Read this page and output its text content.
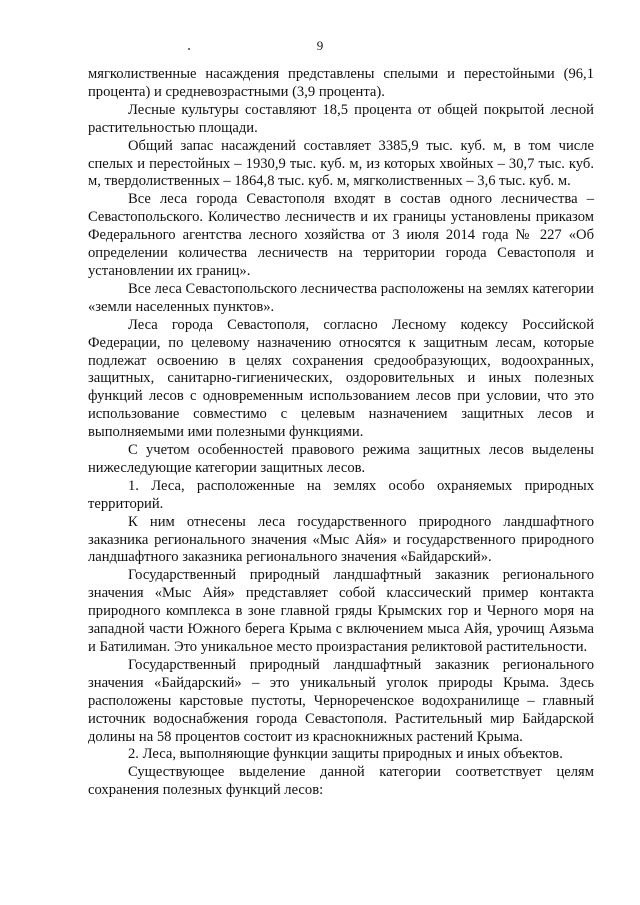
9

мягколиственные насаждения представлены спелыми и перестойными (96,1 процента) и средневозрастными (3,9 процента).

Лесные культуры составляют 18,5 процента от общей покрытой лесной растительностью площади.

Общий запас насаждений составляет 3385,9 тыс. куб. м, в том числе спелых и перестойных – 1930,9 тыс. куб. м, из которых хвойных – 30,7 тыс. куб. м, твердолиственных – 1864,8 тыс. куб. м, мягколиственных – 3,6 тыс. куб. м.

Все леса города Севастополя входят в состав одного лесничества – Севастопольского. Количество лесничеств и их границы установлены приказом Федерального агентства лесного хозяйства от 3 июля 2014 года № 227 «Об определении количества лесничеств на территории города Севастополя и установлении их границ».

Все леса Севастопольского лесничества расположены на землях категории «земли населенных пунктов».

Леса города Севастополя, согласно Лесному кодексу Российской Федерации, по целевому назначению относятся к защитным лесам, которые подлежат освоению в целях сохранения средообразующих, водоохранных, защитных, санитарно-гигиенических, оздоровительных и иных полезных функций лесов с одновременным использованием лесов при условии, что это использование совместимо с целевым назначением защитных лесов и выполняемыми ими полезными функциями.

С учетом особенностей правового режима защитных лесов выделены нижеследующие категории защитных лесов.

1. Леса, расположенные на землях особо охраняемых природных территорий.

К ним отнесены леса государственного природного ландшафтного заказника регионального значения «Мыс Айя» и государственного природного ландшафтного заказника регионального значения «Байдарский».

Государственный природный ландшафтный заказник регионального значения «Мыс Айя» представляет собой классический пример контакта природного комплекса в зоне главной гряды Крымских гор и Черного моря на западной части Южного берега Крыма с включением мыса Айя, урочищ Аязьма и Батилиман. Это уникальное место произрастания реликтовой растительности.

Государственный природный ландшафтный заказник регионального значения «Байдарский» – это уникальный уголок природы Крыма. Здесь расположены карстовые пустоты, Чернореченское водохранилище – главный источник водоснабжения города Севастополя. Растительный мир Байдарской долины на 58 процентов состоит из краснокнижных растений Крыма.

2. Леса, выполняющие функции защиты природных и иных объектов.

Существующее выделение данной категории соответствует целям сохранения полезных функций лесов:
